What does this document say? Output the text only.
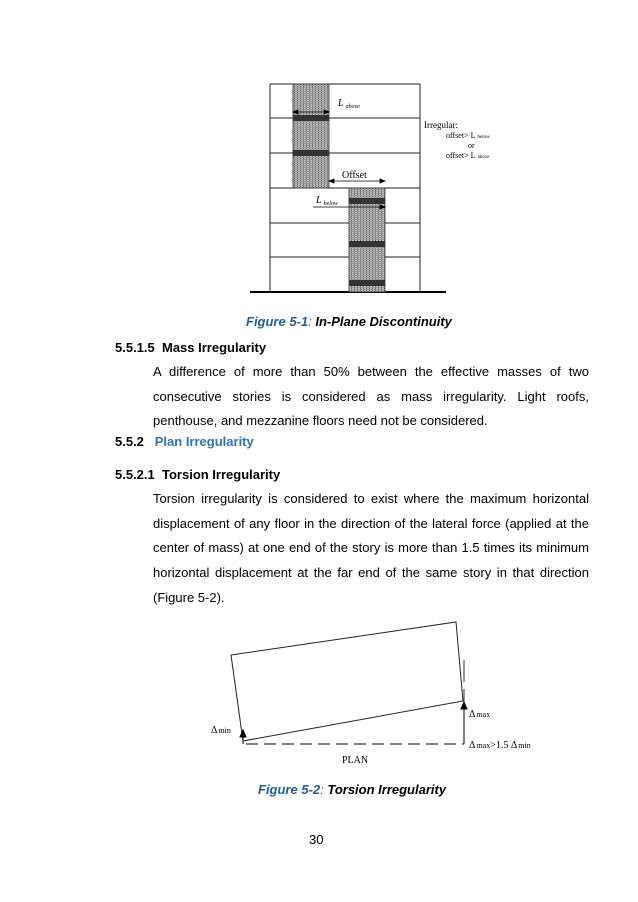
L $_{above}$
Offset
L $_{below}$
Irregular:
offset> L below
or
offset> L above
Figure 5-1: In-Plane Discontinuity
5.5.1.5 Mass Irregularity
A difference of more than 50% between the effective masses of two consecutive stories is considered as mass irregularity. Light roofs, penthouse, and mezzanine floors need not be considered.
5.5.2 Plan Irregularity
5.5.2.1 Torsion Irregularity
Torsion irregularity is considered to exist where the maximum horizontal displacement of any floor in the direction of the lateral force (applied at the center of mass) at one end of the story is more than 1.5 times its minimum horizontal displacement at the far end of the same story in that direction (Figure 5-2).
Δmin
Δmax
Δmax>1.5 Δmin
PLAN
Figure 5-2: Torsion Irregularity
30
